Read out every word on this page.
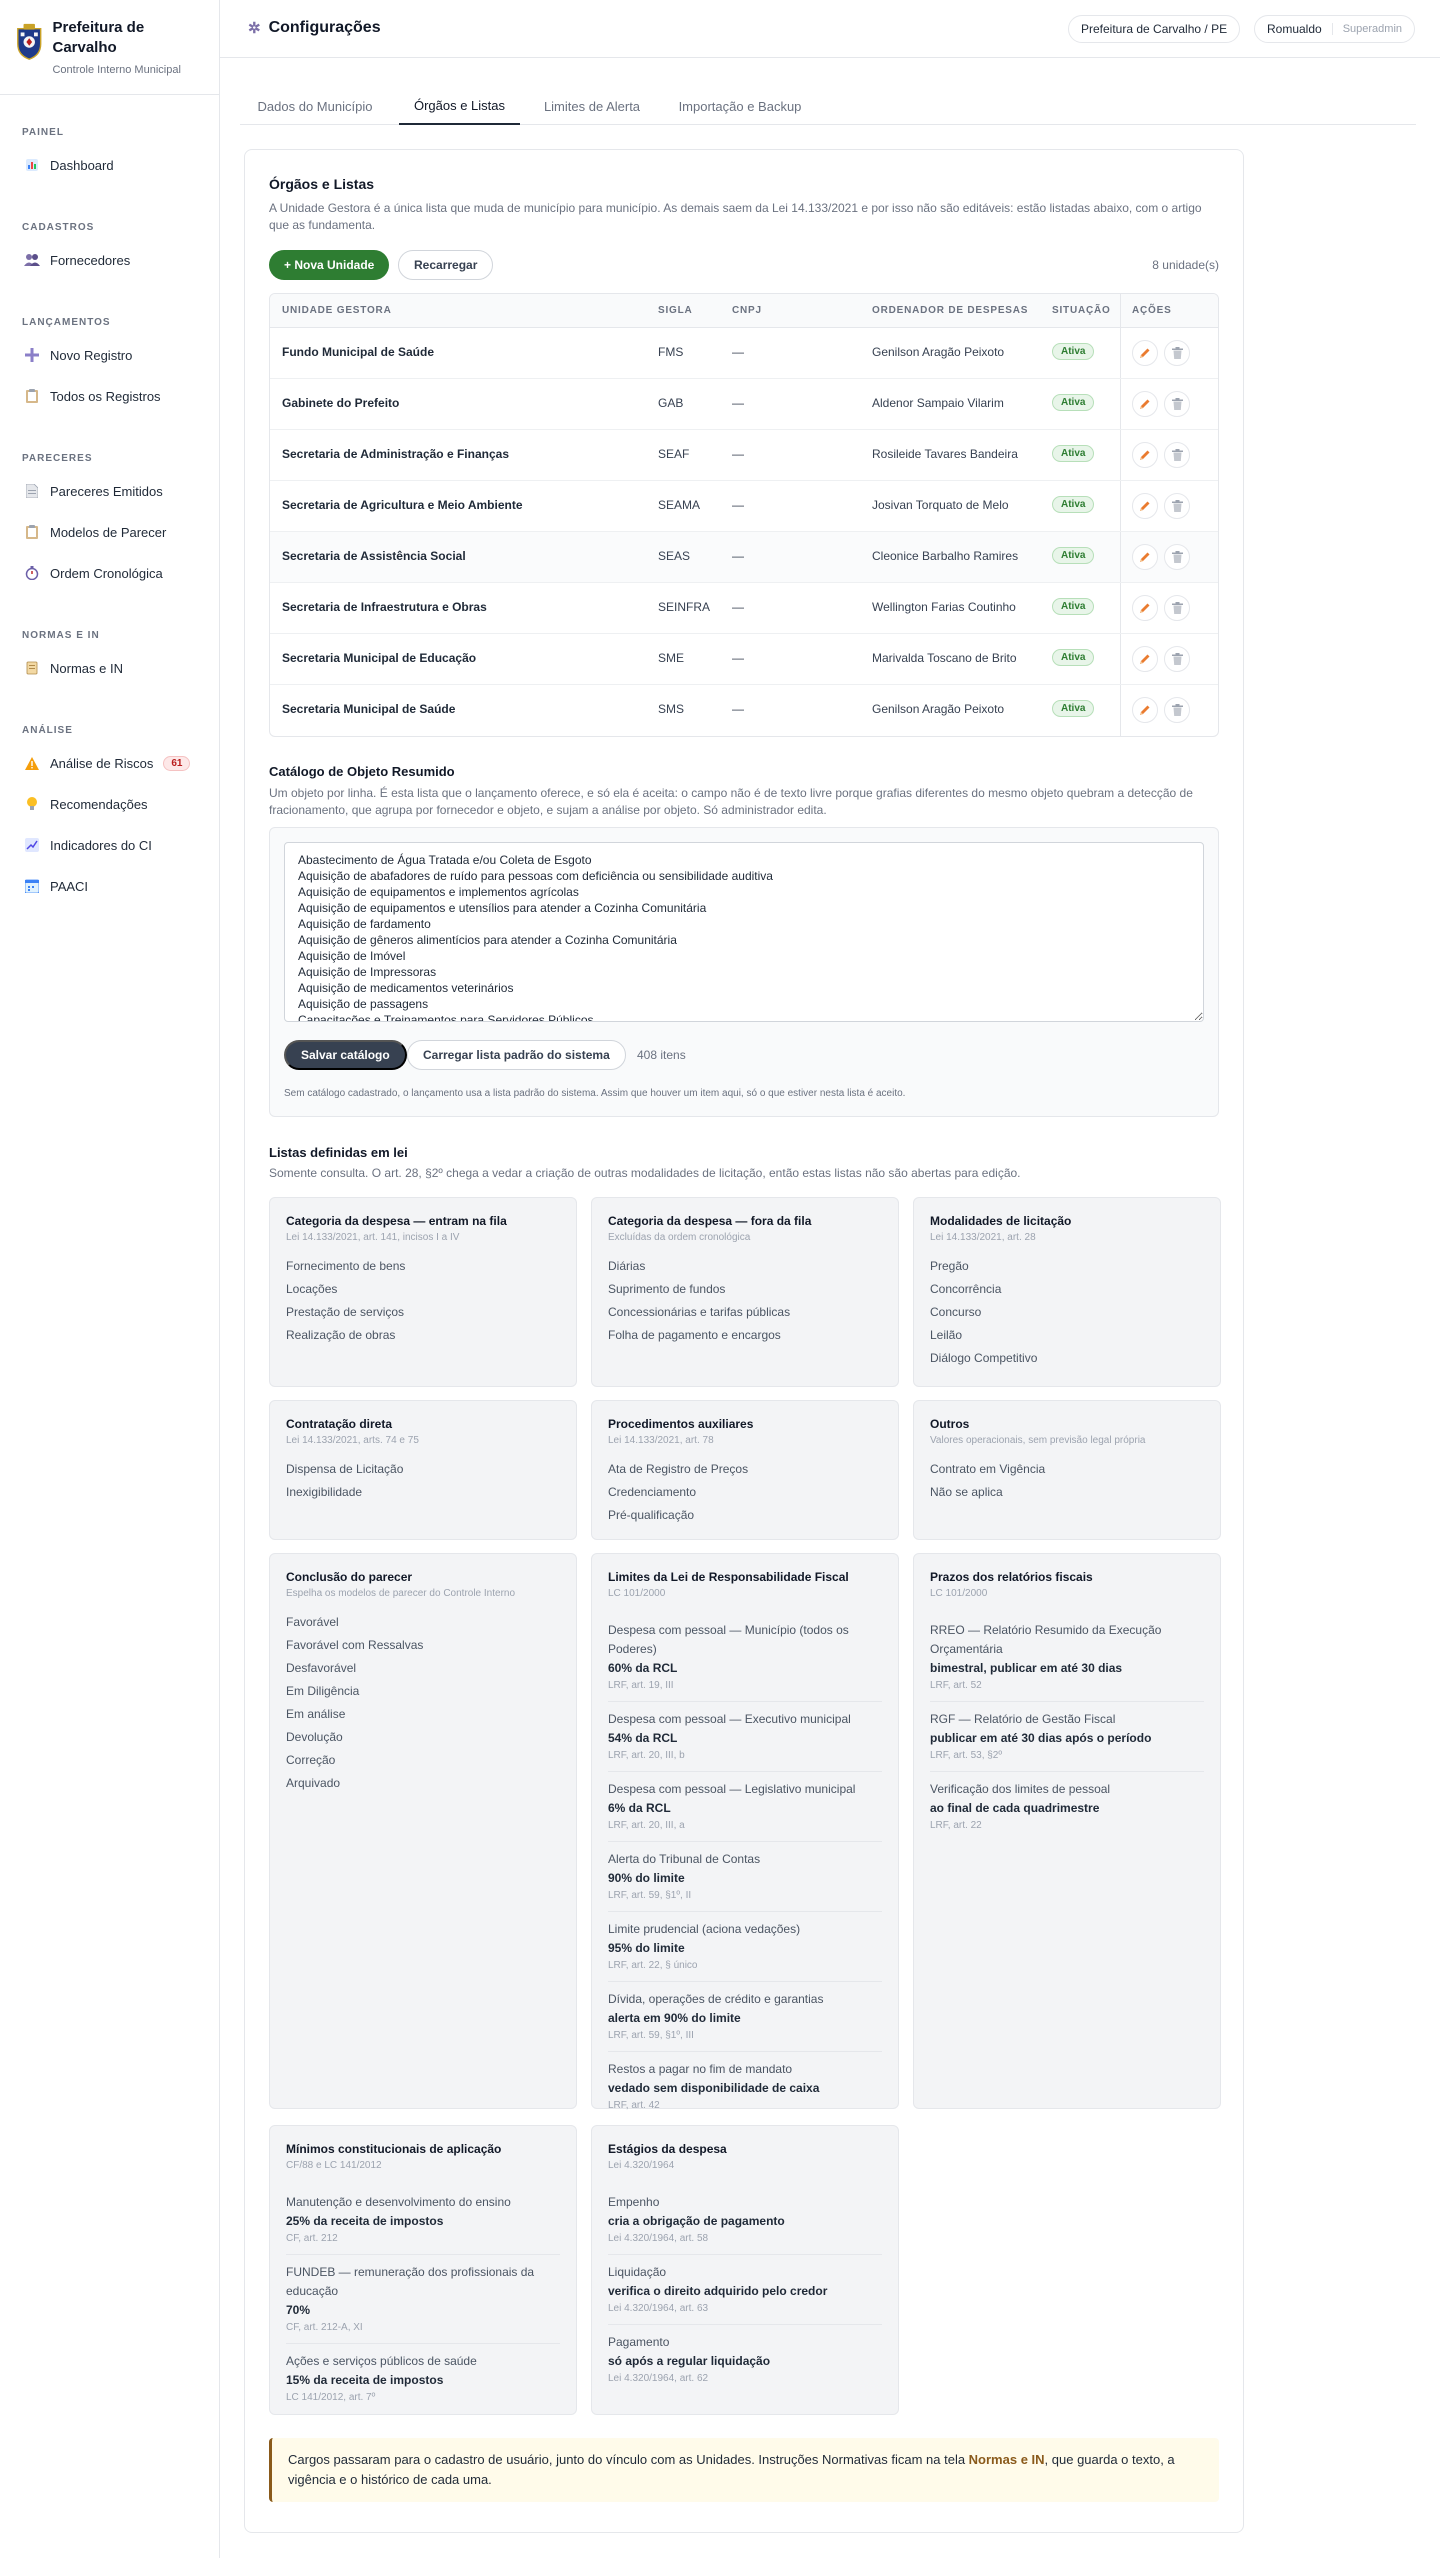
Prefeitura de Carvalho
Controle Interno Municipal
PAINEL
Dashboard
CADASTROS
Fornecedores
LANÇAMENTOS
Novo Registro
Todos os Registros
PARECERES
Pareceres Emitidos
Modelos de Parecer
Ordem Cronológica
NORMAS E IN
Normas e IN
ANÁLISE
Análise de Riscos	61
Recomendações
Indicadores do CI
PAACI
✲ Configurações	Prefeitura de Carvalho / PE	Romualdo	Superadmin
Dados do Município	Órgãos e Listas	Limites de Alerta	Importação e Backup
Órgãos e Listas
A Unidade Gestora é a única lista que muda de município para município. As demais saem da Lei 14.133/2021 e por isso não são editáveis: estão listadas abaixo, com o artigo que as fundamenta.
+ Nova Unidade	Recarregar	8 unidade(s)
UNIDADE GESTORA	SIGLA	CNPJ	ORDENADOR DE DESPESAS SITUAÇÃO AÇÕES
Fundo Municipal de Saúde	FMS	—	Genilson Aragão Peixoto	Ativa
Gabinete do Prefeito	GAB	—	Aldenor Sampaio Vilarim	Ativa
Secretaria de Administração e Finanças	SEAF	—	Rosileide Tavares Bandeira	Ativa
Secretaria de Agricultura e Meio Ambiente	SEAMA	—	Josivan Torquato de Melo	Ativa
Secretaria de Assistência Social	SEAS	—	Cleonice Barbalho Ramires	Ativa
Secretaria de Infraestrutura e Obras	SEINFRA —	Wellington Farias Coutinho	Ativa
Secretaria Municipal de Educação	SME	—	Marivalda Toscano de Brito	Ativa
Secretaria Municipal de Saúde	SMS	—	Genilson Aragão Peixoto	Ativa
Catálogo de Objeto Resumido
Um objeto por linha. É esta lista que o lançamento oferece, e só ela é aceita: o campo não é de texto livre porque grafias diferentes do mesmo objeto quebram a detecção de fracionamento, que agrupa por fornecedor e objeto, e sujam a análise por objeto. Só administrador edita.
Abastecimento de Água Tratada e/ou Coleta de Esgoto Aquisição de abafadores de ruído para pessoas com deficiência ou sensibilidade auditiva Aquisição de equipamentos e implementos agrícolas Aquisição de equipamentos e utensílios para atender a Cozinha Comunitária Aquisição de fardamento Aquisição de gêneros alimentícios para atender a Cozinha Comunitária Aquisição de Imóvel Aquisição de Impressoras Aquisição de medicamentos veterinários Aquisição de passagens Capacitações e Treinamentos para Servidores Públicos
Salvar catálogo	Carregar lista padrão do sistema	408 itens
Sem catálogo cadastrado, o lançamento usa a lista padrão do sistema. Assim que houver um item aqui, só o que estiver nesta lista é aceito.
Listas definidas em lei
Somente consulta. O art. 28, §2º chega a vedar a criação de outras modalidades de licitação, então estas listas não são abertas para edição.
Categoria da despesa — entram na fila
Lei 14.133/2021, art. 141, incisos I a IV
Fornecimento de bens
Locações
Prestação de serviços
Realização de obras
Categoria da despesa — fora da fila
Excluídas da ordem cronológica
Diárias
Suprimento de fundos
Concessionárias e tarifas públicas
Folha de pagamento e encargos
Modalidades de licitação
Lei 14.133/2021, art. 28
Pregão
Concorrência
Concurso
Leilão
Diálogo Competitivo
Contratação direta
Lei 14.133/2021, arts. 74 e 75
Dispensa de Licitação
Inexigibilidade
Procedimentos auxiliares
Lei 14.133/2021, art. 78
Ata de Registro de Preços
Credenciamento
Pré-qualificação
Outros
Valores operacionais, sem previsão legal própria
Contrato em Vigência
Não se aplica
Conclusão do parecer
Espelha os modelos de parecer do Controle Interno
Favorável
Favorável com Ressalvas
Desfavorável
Em Diligência
Em análise
Devolução
Correção
Arquivado
Limites da Lei de Responsabilidade Fiscal
LC 101/2000
Despesa com pessoal — Município (todos os Poderes)
60% da RCL
LRF, art. 19, III
Despesa com pessoal — Executivo municipal
54% da RCL
LRF, art. 20, III, b
Despesa com pessoal — Legislativo municipal
6% da RCL
LRF, art. 20, III, a
Alerta do Tribunal de Contas
90% do limite
LRF, art. 59, §1º, II
Limite prudencial (aciona vedações)
95% do limite
LRF, art. 22, § único
Dívida, operações de crédito e garantias
alerta em 90% do limite
LRF, art. 59, §1º, III
Restos a pagar no fim de mandato
vedado sem disponibilidade de caixa
LRF, art. 42
Prazos dos relatórios fiscais
LC 101/2000
RREO — Relatório Resumido da Execução Orçamentária
bimestral, publicar em até 30 dias
LRF, art. 52
RGF — Relatório de Gestão Fiscal
publicar em até 30 dias após o período
LRF, art. 53, §2º
Verificação dos limites de pessoal
ao final de cada quadrimestre
LRF, art. 22
Mínimos constitucionais de aplicação
CF/88 e LC 141/2012
Manutenção e desenvolvimento do ensino
25% da receita de impostos
CF, art. 212
FUNDEB — remuneração dos profissionais da educação
70%
CF, art. 212-A, XI
Ações e serviços públicos de saúde
15% da receita de impostos
LC 141/2012, art. 7º
Estágios da despesa
Lei 4.320/1964
Empenho
cria a obrigação de pagamento
Lei 4.320/1964, art. 58
Liquidação
verifica o direito adquirido pelo credor
Lei 4.320/1964, art. 63
Pagamento
só após a regular liquidação
Lei 4.320/1964, art. 62
Cargos passaram para o cadastro de usuário, junto do vínculo com as Unidades. Instruções Normativas ficam na tela Normas e IN, que guarda o texto, a vigência e o histórico de cada uma.
